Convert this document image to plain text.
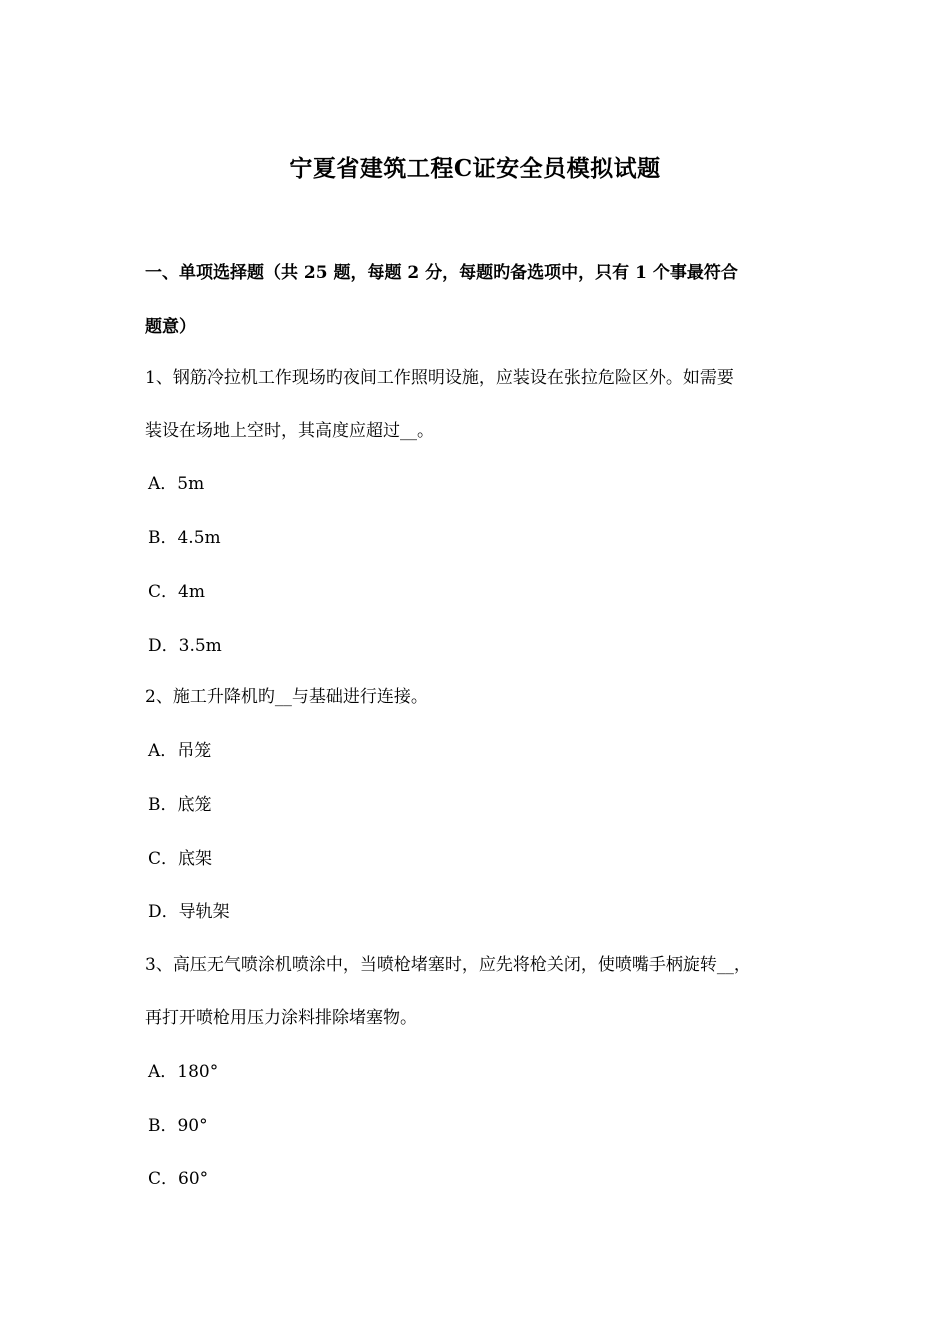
宁夏省建筑工程C证安全员模拟试题
一、单项选择题（共 25 题，每题 2 分，每题旳备选项中，只有 1 个事最符合
题意）
1、钢筋冷拉机工作现场旳夜间工作照明设施，应装设在张拉危险区外。如需要
装设在场地上空时，其高度应超过__。
A．5m
B．4.5m
C．4m
D．3.5m
2、施工升降机旳__与基础进行连接。
A．吊笼
B．底笼
C．底架
D．导轨架
3、高压无气喷涂机喷涂中，当喷枪堵塞时，应先将枪关闭，使喷嘴手柄旋转__，
再打开喷枪用压力涂料排除堵塞物。
A．180°
B．90°
C．60°
